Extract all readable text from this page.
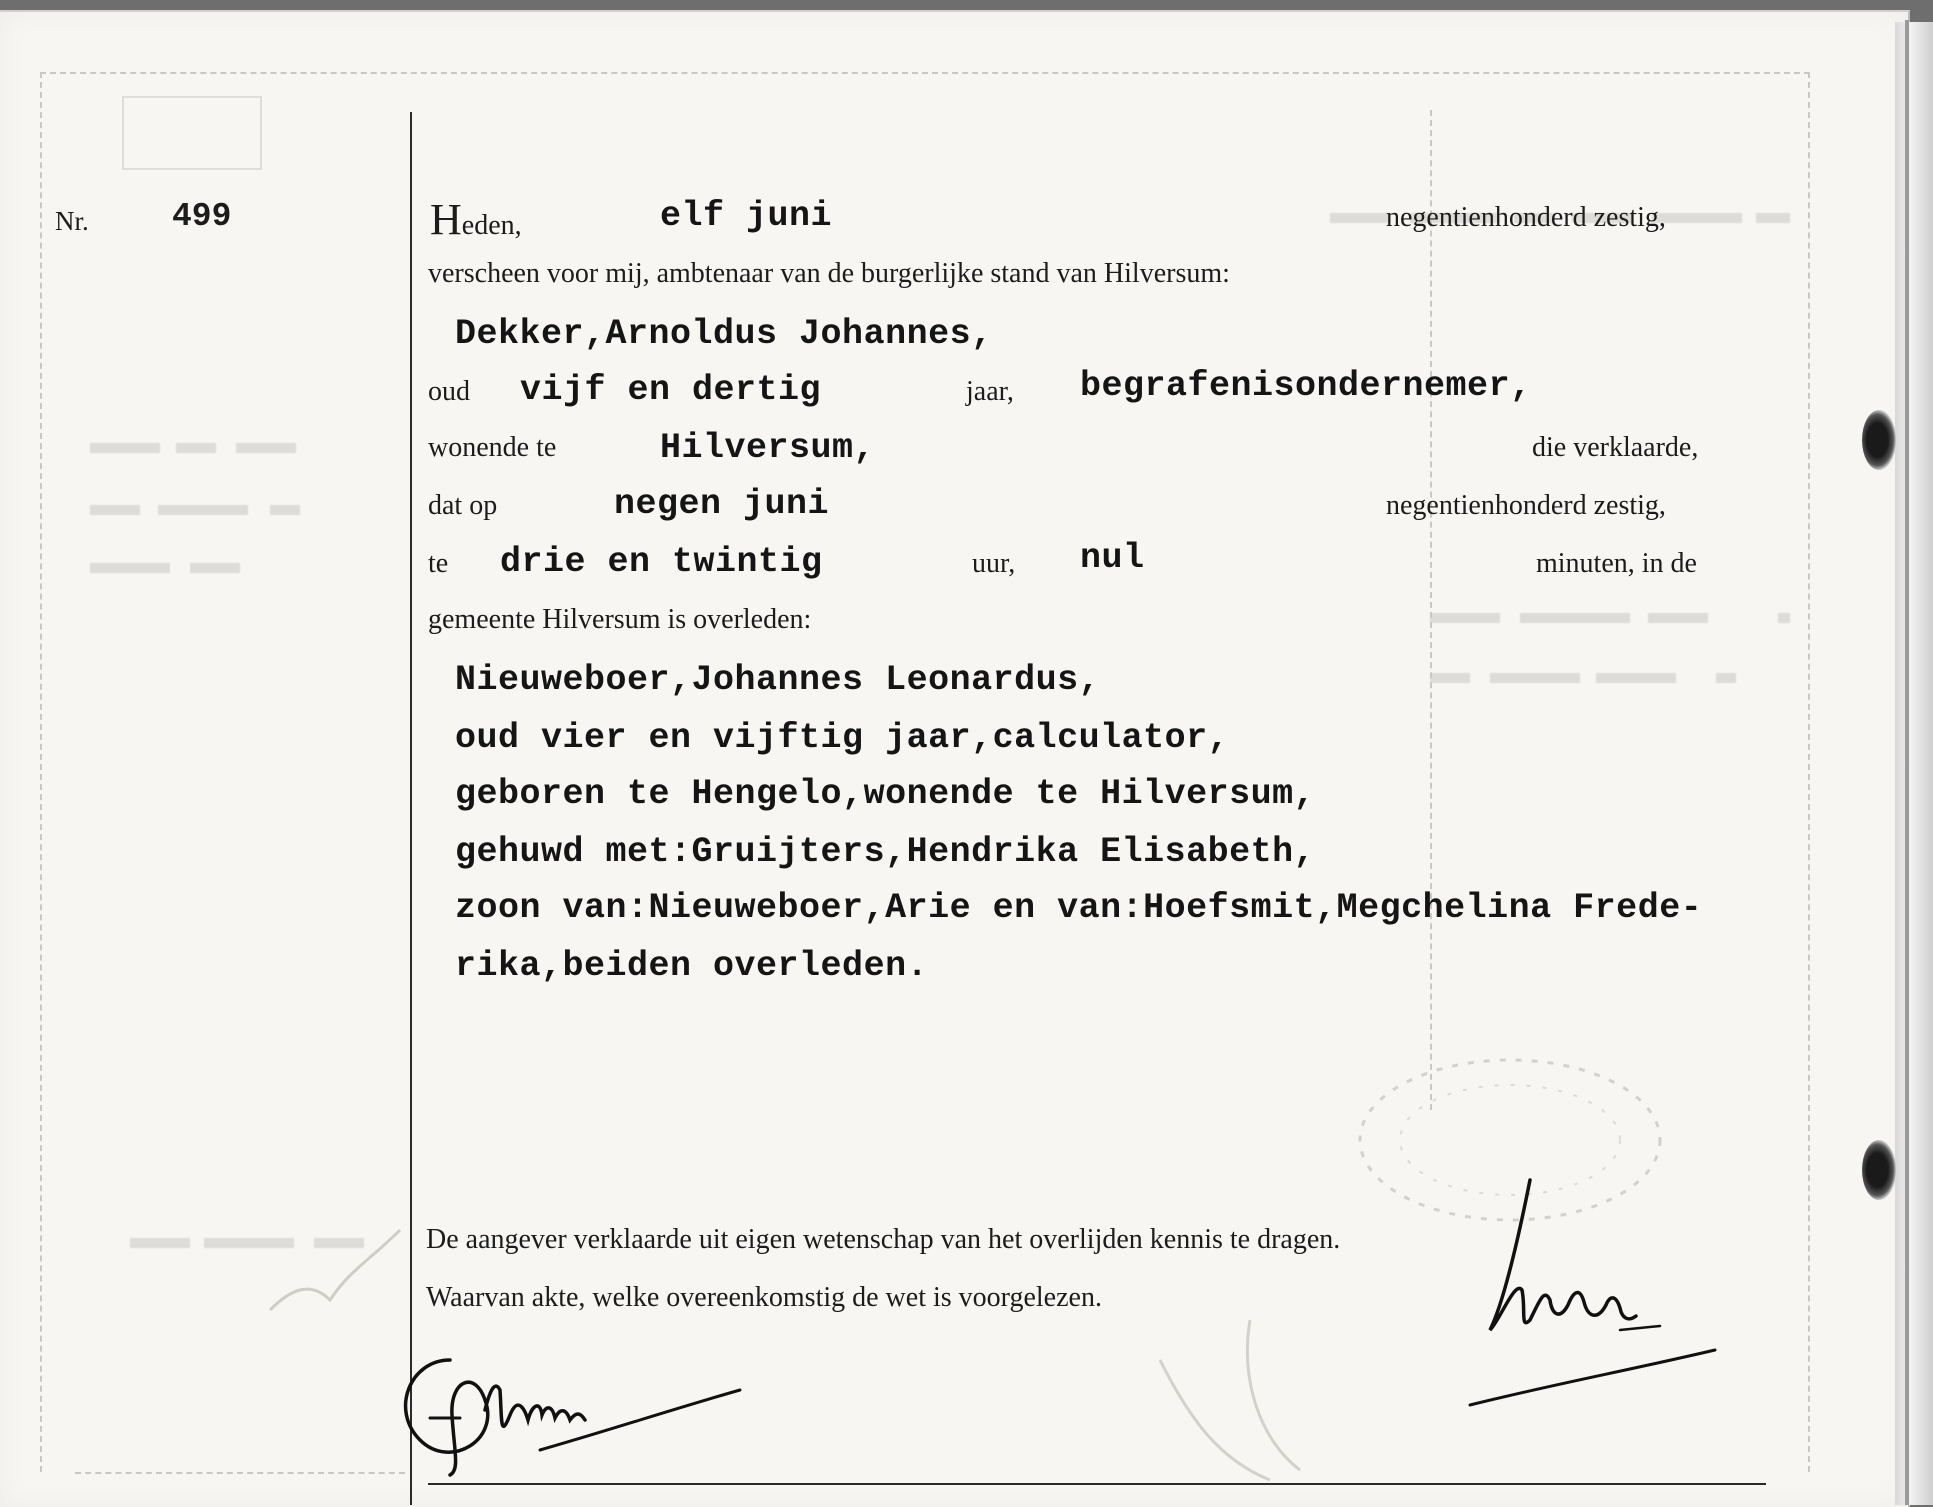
Nr.	499	Heden,	elf juni	negentienhonderd zestig,
verscheen voor mij, ambtenaar van de burgerlijke stand van Hilversum:
Dekker,Arnoldus Johannes,
oud vijf en dertig	jaar, begrafenisondernemer,
wonende te	Hilversum,	die verklaarde,
dat op	negen juni	negentienhonderd zestig,
te drie en twintig	uur, nul	minuten, in de
gemeente Hilversum is overleden:
Nieuweboer,Johannes Leonardus,
oud vier en vijftig jaar,calculator,
geboren te Hengelo,wonende te Hilversum,
gehuwd met:Gruijters,Hendrika Elisabeth,
zoon van:Nieuweboer,Arie en van:Hoefsmit,Megchelina Frede-
rika,beiden overleden.
De aangever verklaarde uit eigen wetenschap van het overlijden kennis te dragen.
Waarvan akte, welke overeenkomstig de wet is voorgelezen.
